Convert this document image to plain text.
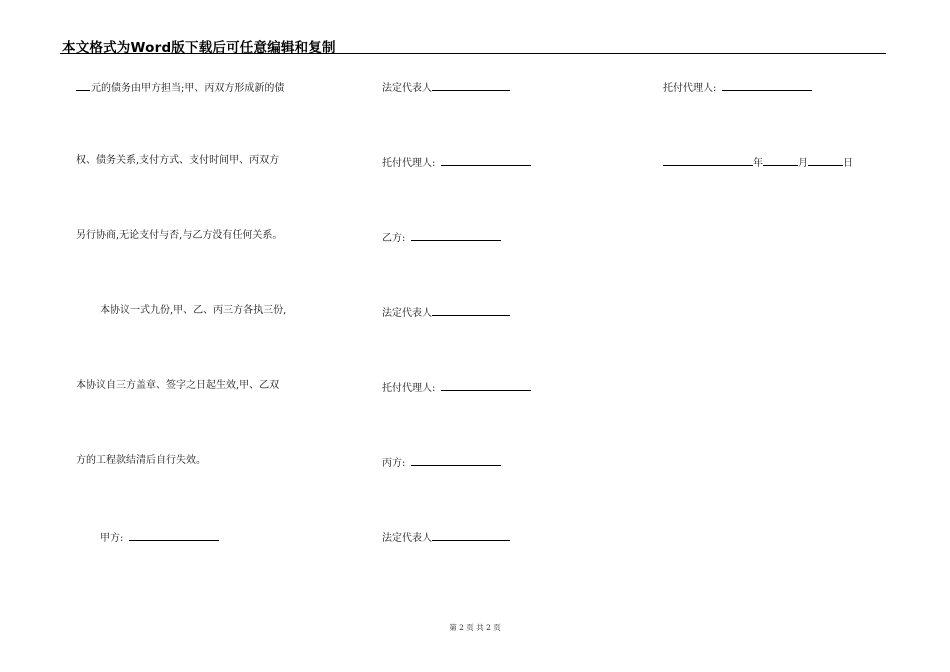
本文格式为Word版下载后可任意编辑和复制
元的债务由甲方担当;甲、丙双方形成新的债
权、债务关系,支付方式、支付时间甲、丙双方
另行协商,无论支付与否,与乙方没有任何关系。
本协议一式九份,甲、乙、丙三方各执三份,
本协议自三方盖章、签字之日起生效,甲、乙双
方的工程款结清后自行失效。
甲方:
法定代表人
托付代理人:
乙方:
法定代表人
托付代理人:
丙方:
法定代表人
托付代理人:
年	月	日
第 2 页 共 2 页
